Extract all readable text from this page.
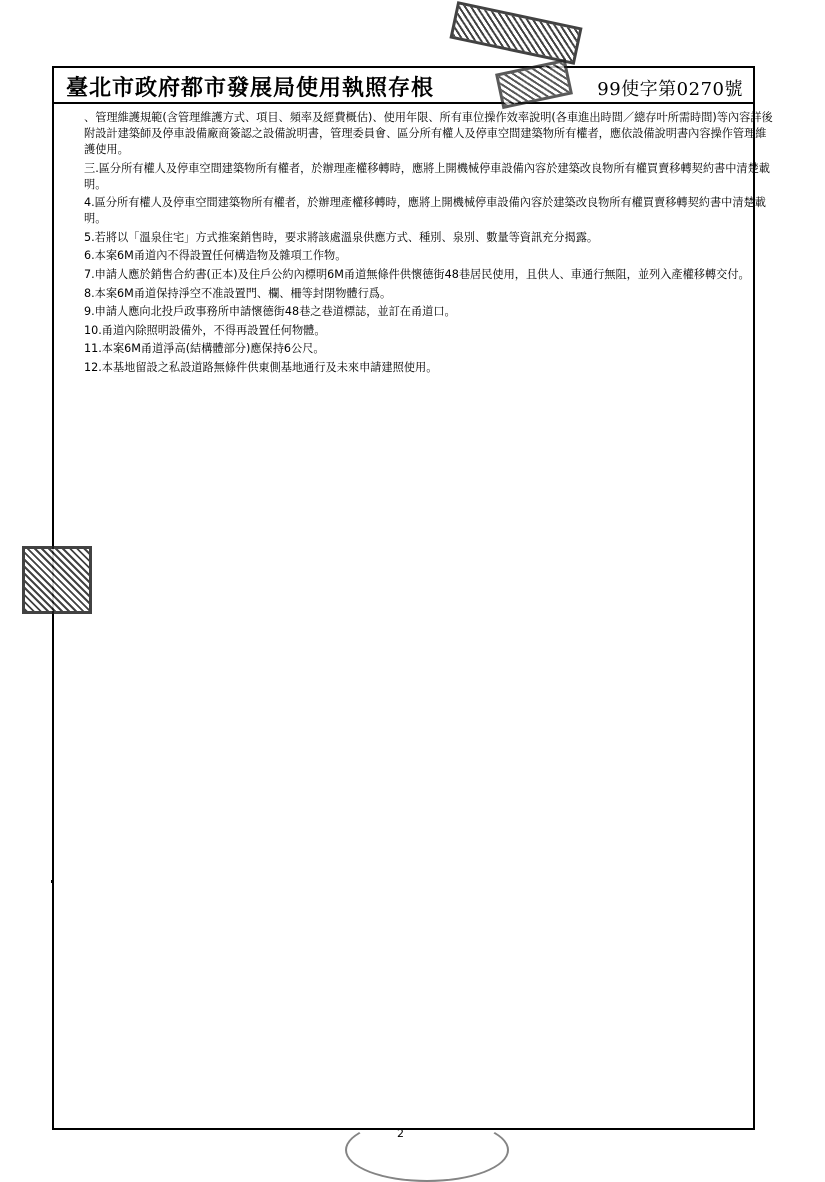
臺北市政府都市發展局使用執照存根	99使字第0270號

、管理維護規範(含管理維護方式、項目、頻率及經費概估)、使用年限、所有車位操作效率說明(各車進出時間／總存叶所需時間)等內容詳後附設計建築師及停車設備廠商簽認之設備說明書，管理委員會、區分所有權人及停車空間建築物所有權者，應依設備說明書內容操作管理維護使用。

三.區分所有權人及停車空間建築物所有權者，於辦理產權移轉時，應將上開機械停車設備內容於建築改良物所有權買賣移轉契約書中清楚載明。

4.區分所有權人及停車空間建築物所有權者，於辦理產權移轉時，應將上開機械停車設備內容於建築改良物所有權買賣移轉契約書中清楚載明。

5.若將以「溫泉住宅」方式推案銷售時，要求將該處溫泉供應方式、種別、泉別、數量等資訊充分揭露。

6.本案6M甬道內不得設置任何構造物及雜項工作物。

7.申請人應於銷售合約書(正本)及住戶公約內標明6M甬道無條件供懷德街48巷居民使用，且供人、車通行無阻，並列入產權移轉交付。

8.本案6M甬道保持淨空不准設置門、欄、柵等封閉物體行爲。

9.申請人應向北投戶政事務所申請懷德街48巷之巷道標誌，並訂在甬道口。

10.甬道內除照明設備外，不得再設置任何物體。

11.本案6M甬道淨高(結構體部分)應保持6公尺。

12.本基地留設之私設道路無條件供東側基地通行及未來申請建照使用。

2
